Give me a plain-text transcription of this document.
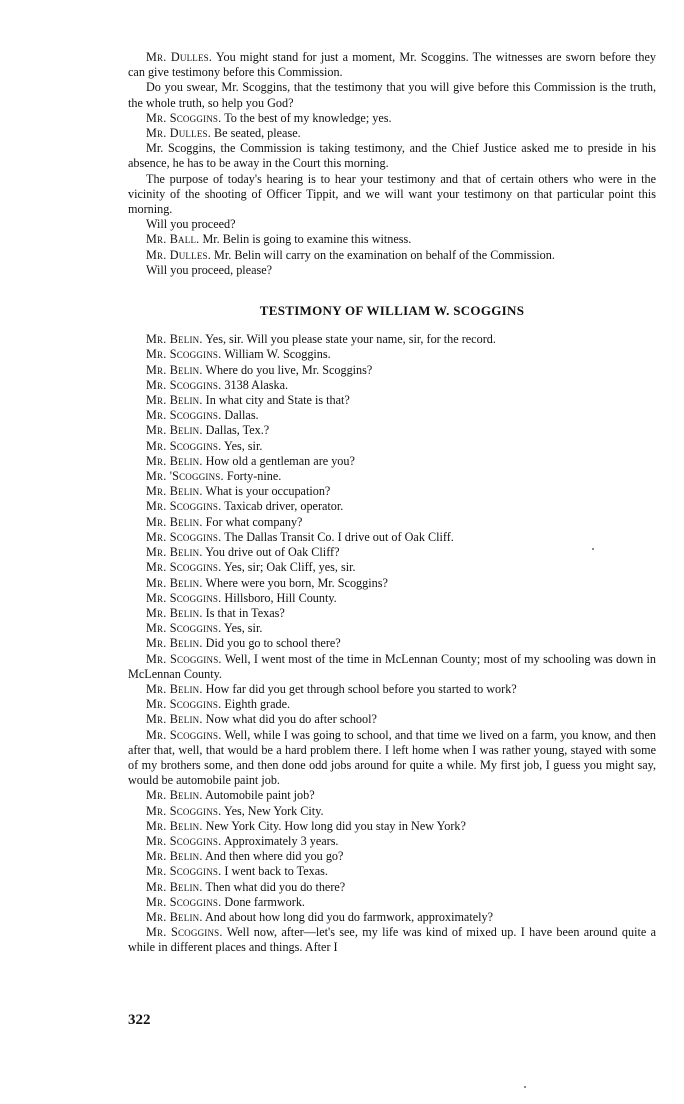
Mr. Dulles. You might stand for just a moment, Mr. Scoggins. The witnesses are sworn before they can give testimony before this Commission.

Do you swear, Mr. Scoggins, that the testimony that you will give before this Commission is the truth, the whole truth, so help you God?

Mr. Scoggins. To the best of my knowledge; yes.

Mr. Dulles. Be seated, please.

Mr. Scoggins, the Commission is taking testimony, and the Chief Justice asked me to preside in his absence, he has to be away in the Court this morning.

The purpose of today's hearing is to hear your testimony and that of certain others who were in the vicinity of the shooting of Officer Tippit, and we will want your testimony on that particular point this morning.

Will you proceed?

Mr. Ball. Mr. Belin is going to examine this witness.

Mr. Dulles. Mr. Belin will carry on the examination on behalf of the Commission.

Will you proceed, please?

TESTIMONY OF WILLIAM W. SCOGGINS

Mr. Belin. Yes, sir. Will you please state your name, sir, for the record.

Mr. Scoggins. William W. Scoggins.

Mr. Belin. Where do you live, Mr. Scoggins?

Mr. Scoggins. 3138 Alaska.

Mr. Belin. In what city and State is that?

Mr. Scoggins. Dallas.

Mr. Belin. Dallas, Tex.?

Mr. Scoggins. Yes, sir.

Mr. Belin. How old a gentleman are you?

Mr. 'Scoggins. Forty-nine.

Mr. Belin. What is your occupation?

Mr. Scoggins. Taxicab driver, operator.

Mr. Belin. For what company?

Mr. Scoggins. The Dallas Transit Co. I drive out of Oak Cliff.

Mr. Belin. You drive out of Oak Cliff?

Mr. Scoggins. Yes, sir; Oak Cliff, yes, sir.

Mr. Belin. Where were you born, Mr. Scoggins?

Mr. Scoggins. Hillsboro, Hill County.

Mr. Belin. Is that in Texas?

Mr. Scoggins. Yes, sir.

Mr. Belin. Did you go to school there?

Mr. Scoggins. Well, I went most of the time in McLennan County; most of my schooling was down in McLennan County.

Mr. Belin. How far did you get through school before you started to work?

Mr. Scoggins. Eighth grade.

Mr. Belin. Now what did you do after school?

Mr. Scoggins. Well, while I was going to school, and that time we lived on a farm, you know, and then after that, well, that would be a hard problem there. I left home when I was rather young, stayed with some of my brothers some, and then done odd jobs around for quite a while. My first job, I guess you might say, would be automobile paint job.

Mr. Belin. Automobile paint job?

Mr. Scoggins. Yes, New York City.

Mr. Belin. New York City. How long did you stay in New York?

Mr. Scoggins. Approximately 3 years.

Mr. Belin. And then where did you go?

Mr. Scoggins. I went back to Texas.

Mr. Belin. Then what did you do there?

Mr. Scoggins. Done farmwork.

Mr. Belin. And about how long did you do farmwork, approximately?

Mr. Scoggins. Well now, after—let's see, my life was kind of mixed up. I have been around quite a while in different places and things. After I

322
